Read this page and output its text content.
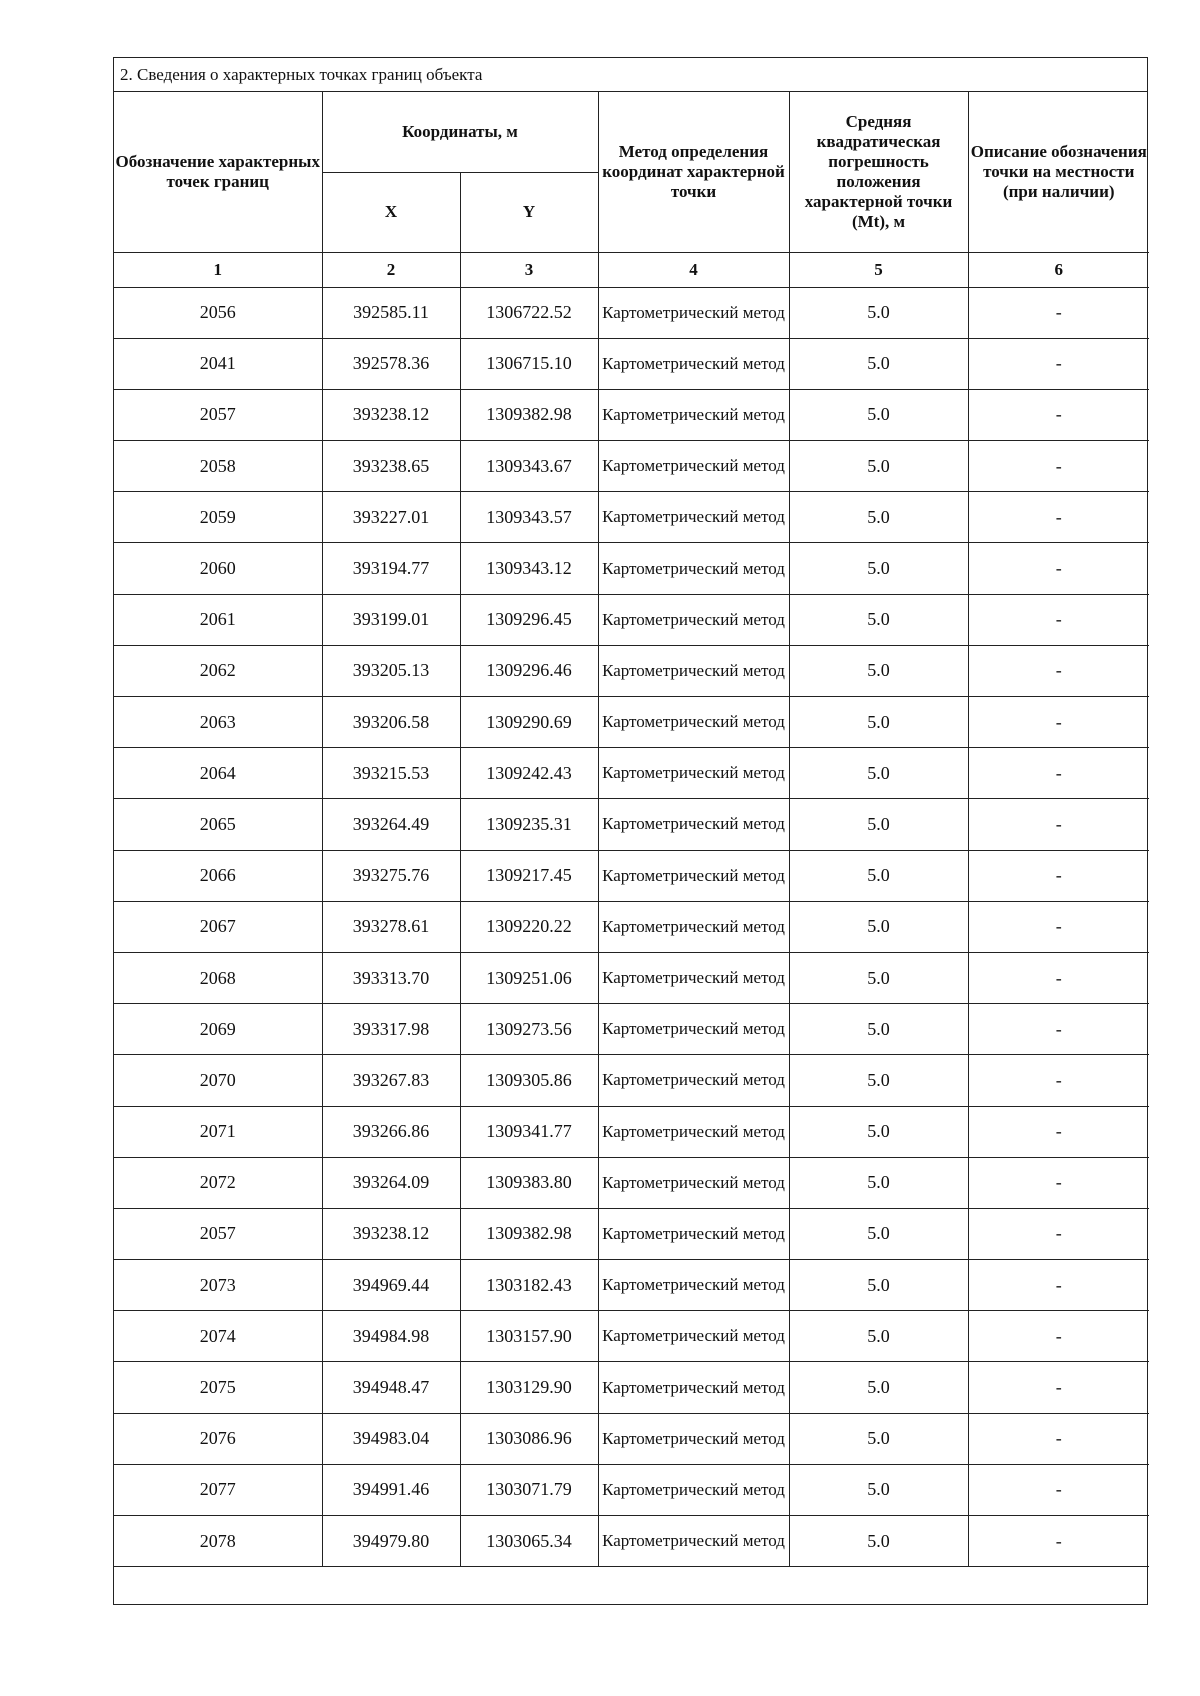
2. Сведения о характерных точках границ объекта
Обозначение характерных точек границ	Координаты, м		Метод определения координат характерной точки	Средняя квадратическая погрешность положения характерной точки (Mt), м	Описание обозначения точки на местности (при наличии)
	X	Y			
1	2	3	4	5	6
2056	392585.11	1306722.52	Картометрический метод	5.0	-
2041	392578.36	1306715.10	Картометрический метод	5.0	-
2057	393238.12	1309382.98	Картометрический метод	5.0	-
2058	393238.65	1309343.67	Картометрический метод	5.0	-
2059	393227.01	1309343.57	Картометрический метод	5.0	-
2060	393194.77	1309343.12	Картометрический метод	5.0	-
2061	393199.01	1309296.45	Картометрический метод	5.0	-
2062	393205.13	1309296.46	Картометрический метод	5.0	-
2063	393206.58	1309290.69	Картометрический метод	5.0	-
2064	393215.53	1309242.43	Картометрический метод	5.0	-
2065	393264.49	1309235.31	Картометрический метод	5.0	-
2066	393275.76	1309217.45	Картометрический метод	5.0	-
2067	393278.61	1309220.22	Картометрический метод	5.0	-
2068	393313.70	1309251.06	Картометрический метод	5.0	-
2069	393317.98	1309273.56	Картометрический метод	5.0	-
2070	393267.83	1309305.86	Картометрический метод	5.0	-
2071	393266.86	1309341.77	Картометрический метод	5.0	-
2072	393264.09	1309383.80	Картометрический метод	5.0	-
2057	393238.12	1309382.98	Картометрический метод	5.0	-
2073	394969.44	1303182.43	Картометрический метод	5.0	-
2074	394984.98	1303157.90	Картометрический метод	5.0	-
2075	394948.47	1303129.90	Картометрический метод	5.0	-
2076	394983.04	1303086.96	Картометрический метод	5.0	-
2077	394991.46	1303071.79	Картометрический метод	5.0	-
2078	394979.80	1303065.34	Картометрический метод	5.0	-
